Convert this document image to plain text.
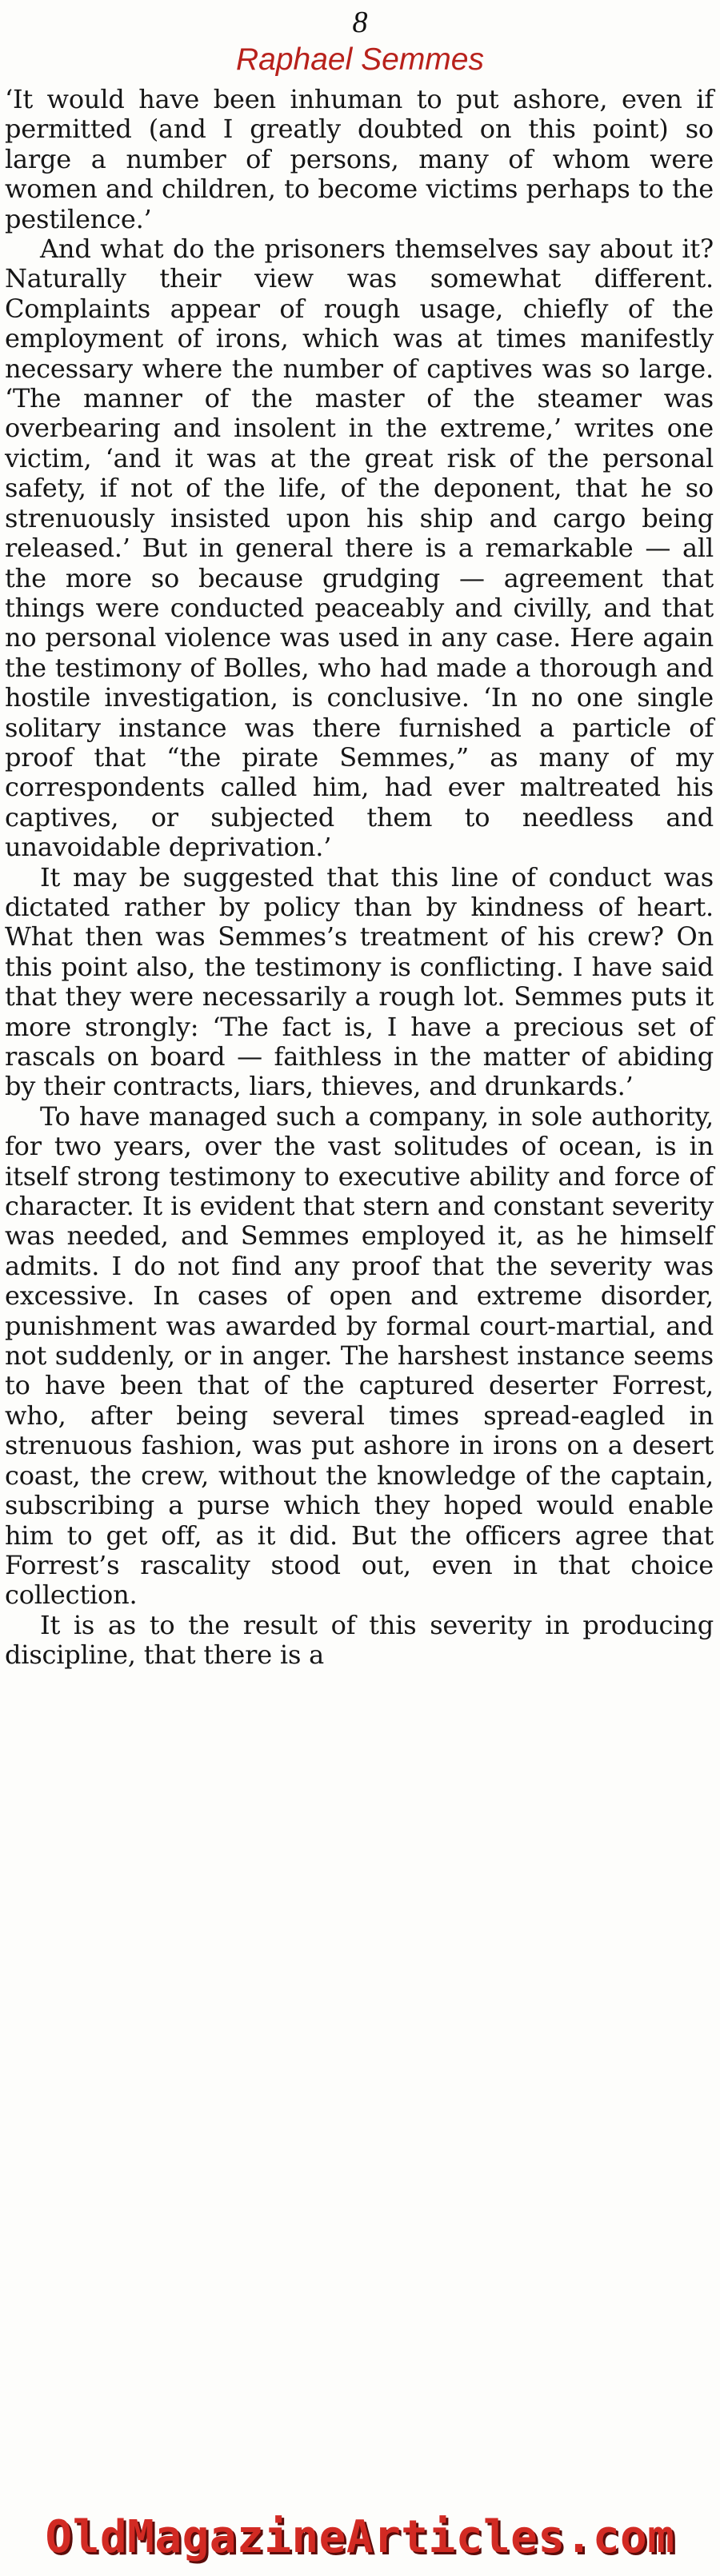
8
Raphael Semmes

‘It would have been inhuman to put ashore, even if permitted (and I greatly doubted on this point) so large a number of persons, many of whom were women and children, to become victims perhaps to the pestilence.’

And what do the prisoners themselves say about it? Naturally their view was somewhat different. Complaints appear of rough usage, chiefly of the employment of irons, which was at times manifestly necessary where the number of captives was so large. ‘The manner of the master of the steamer was overbearing and insolent in the extreme,’ writes one victim, ‘and it was at the great risk of the personal safety, if not of the life, of the deponent, that he so strenuously insisted upon his ship and cargo being released.’ But in general there is a remarkable — all the more so because grudging — agreement that things were conducted peaceably and civilly, and that no personal violence was used in any case. Here again the testimony of Bolles, who had made a thorough and hostile investigation, is conclusive. ‘In no one single solitary instance was there furnished a particle of proof that “the pirate Semmes,” as many of my correspondents called him, had ever maltreated his captives, or subjected them to needless and unavoidable deprivation.’

It may be suggested that this line of conduct was dictated rather by policy than by kindness of heart. What then was Semmes’s treatment of his crew? On this point also, the testimony is conflicting. I have said that they were necessarily a rough lot. Semmes puts it more strongly: ‘The fact is, I have a precious set of rascals on board — faithless in the matter of abiding by their contracts, liars, thieves, and drunkards.’

To have managed such a company, in sole authority, for two years, over the vast solitudes of ocean, is in itself strong testimony to executive ability and force of character. It is evident that stern and constant severity was needed, and Semmes employed it, as he himself admits. I do not find any proof that the severity was excessive. In cases of open and extreme disorder, punishment was awarded by formal court-martial, and not suddenly, or in anger. The harshest instance seems to have been that of the captured deserter Forrest, who, after being several times spread-eagled in strenuous fashion, was put ashore in irons on a desert coast, the crew, without the knowledge of the captain, subscribing a purse which they hoped would enable him to get off, as it did. But the officers agree that Forrest’s rascality stood out, even in that choice collection.

It is as to the result of this severity in producing discipline, that there is a

OldMagazineArticles.com
